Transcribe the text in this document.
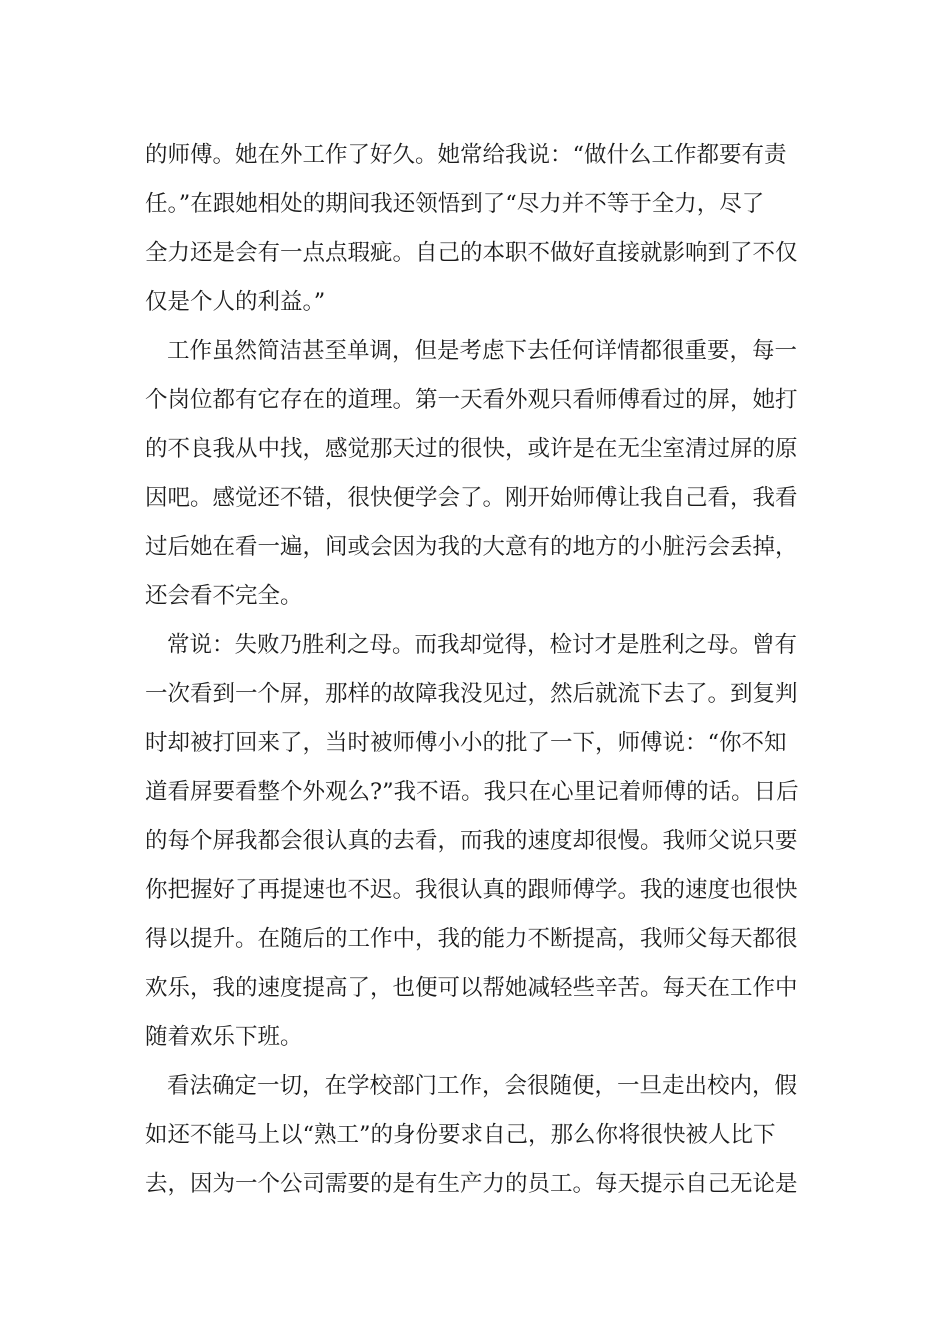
的师傅。她在外工作了好久。她常给我说：“做什么工作都要有责
任。”在跟她相处的期间我还领悟到了“尽力并不等于全力，尽了
全力还是会有一点点瑕疵。自己的本职不做好直接就影响到了不仅
仅是个人的利益。”
工作虽然简洁甚至单调，但是考虑下去任何详情都很重要，每一
个岗位都有它存在的道理。第一天看外观只看师傅看过的屏，她打
的不良我从中找，感觉那天过的很快，或许是在无尘室清过屏的原
因吧。感觉还不错，很快便学会了。刚开始师傅让我自己看，我看
过后她在看一遍，间或会因为我的大意有的地方的小脏污会丢掉，
还会看不完全。
常说：失败乃胜利之母。而我却觉得，检讨才是胜利之母。曾有
一次看到一个屏，那样的故障我没见过，然后就流下去了。到复判
时却被打回来了，当时被师傅小小的批了一下，师傅说：“你不知
道看屏要看整个外观么?”我不语。我只在心里记着师傅的话。日后
的每个屏我都会很认真的去看，而我的速度却很慢。我师父说只要
你把握好了再提速也不迟。我很认真的跟师傅学。我的速度也很快
得以提升。在随后的工作中，我的能力不断提高，我师父每天都很
欢乐，我的速度提高了，也便可以帮她减轻些辛苦。每天在工作中
随着欢乐下班。
看法确定一切，在学校部门工作，会很随便，一旦走出校内，假
如还不能马上以“熟工”的身份要求自己，那么你将很快被人比下
去，因为一个公司需要的是有生产力的员工。每天提示自己无论是
